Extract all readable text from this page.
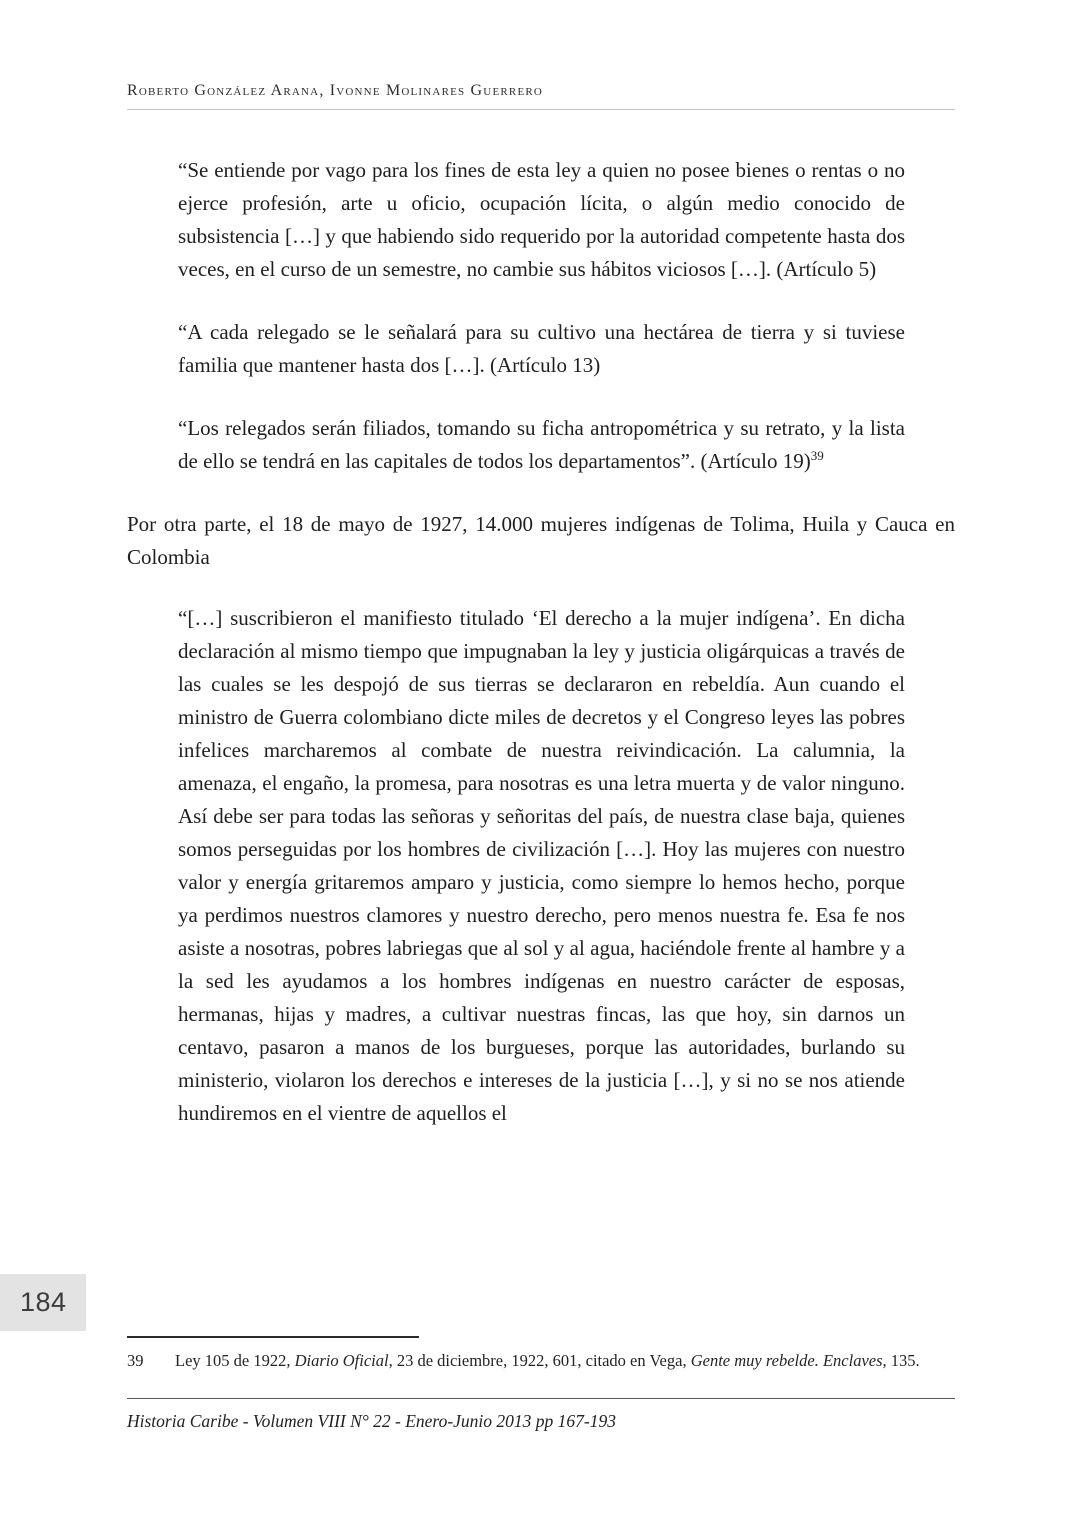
Roberto González Arana, Ivonne Molinares Guerrero
“Se entiende por vago para los fines de esta ley a quien no posee bienes o rentas o no ejerce profesión, arte u oficio, ocupación lícita, o algún medio conocido de subsistencia […] y que habiendo sido requerido por la autoridad competente hasta dos veces, en el curso de un semestre, no cambie sus hábitos viciosos […]. (Artículo 5)
“A cada relegado se le señalará para su cultivo una hectárea de tierra y si tuviese familia que mantener hasta dos […]. (Artículo 13)
“Los relegados serán filiados, tomando su ficha antropométrica y su retrato, y la lista de ello se tendrá en las capitales de todos los departamentos”. (Artículo 19)$^{39}$

Por otra parte, el 18 de mayo de 1927, 14.000 mujeres indígenas de Tolima, Huila y Cauca en Colombia

“[…] suscribieron el manifiesto titulado ‘El derecho a la mujer indígena’. En dicha declaración al mismo tiempo que impugnaban la ley y justicia oligárquicas a través de las cuales se les despojó de sus tierras se declararon en rebeldía. Aun cuando el ministro de Guerra colombiano dicte miles de decretos y el Congreso leyes las pobres infelices marcharemos al combate de nuestra reivindicación. La calumnia, la amenaza, el engaño, la promesa, para nosotras es una letra muerta y de valor ninguno. Así debe ser para todas las señoras y señoritas del país, de nuestra clase baja, quienes somos perseguidas por los hombres de civilización […]. Hoy las mujeres con nuestro valor y energía gritaremos amparo y justicia, como siempre lo hemos hecho, porque ya perdimos nuestros clamores y nuestro derecho, pero menos nuestra fe. Esa fe nos asiste a nosotras, pobres labriegas que al sol y al agua, haciéndole frente al hambre y a la sed les ayudamos a los hombres indígenas en nuestro carácter de esposas, hermanas, hijas y madres, a cultivar nuestras fincas, las que hoy, sin darnos un centavo, pasaron a manos de los burgueses, porque las autoridades, burlando su ministerio, violaron los derechos e intereses de la justicia […], y si no se nos atiende hundiremos en el vientre de aquellos el
184
39	Ley 105 de 1922, Diario Oficial, 23 de diciembre, 1922, 601, citado en Vega, Gente muy rebelde. Enclaves, 135.
Historia Caribe - Volumen VIII N° 22 - Enero-Junio 2013 pp 167-193
